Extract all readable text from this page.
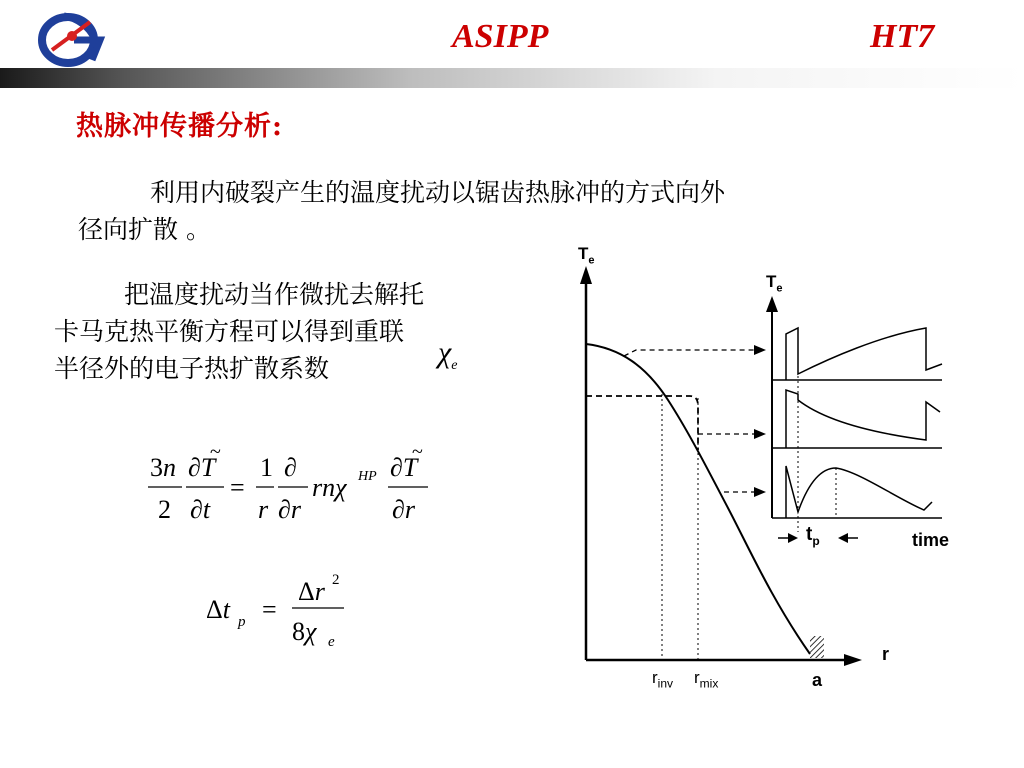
ASIPP	HT7
热脉冲传播分析:
利用内破裂产生的温度扰动以锯齿热脉冲的方式向外
径向扩散 。
把温度扰动当作微扰去解托
卡马克热平衡方程可以得到重联
半径外的电子热扩散系数	$\chi_e$
3n
2
∂T
~
∂t
=
1
r
∂
∂r
rnχ HP ∂T
~
∂r
Δt p =
Δr 2
8χ e
$T_e$
$T_e$
r
time
$t_p$
$r_{inv}$ $r_{mix}$	a
